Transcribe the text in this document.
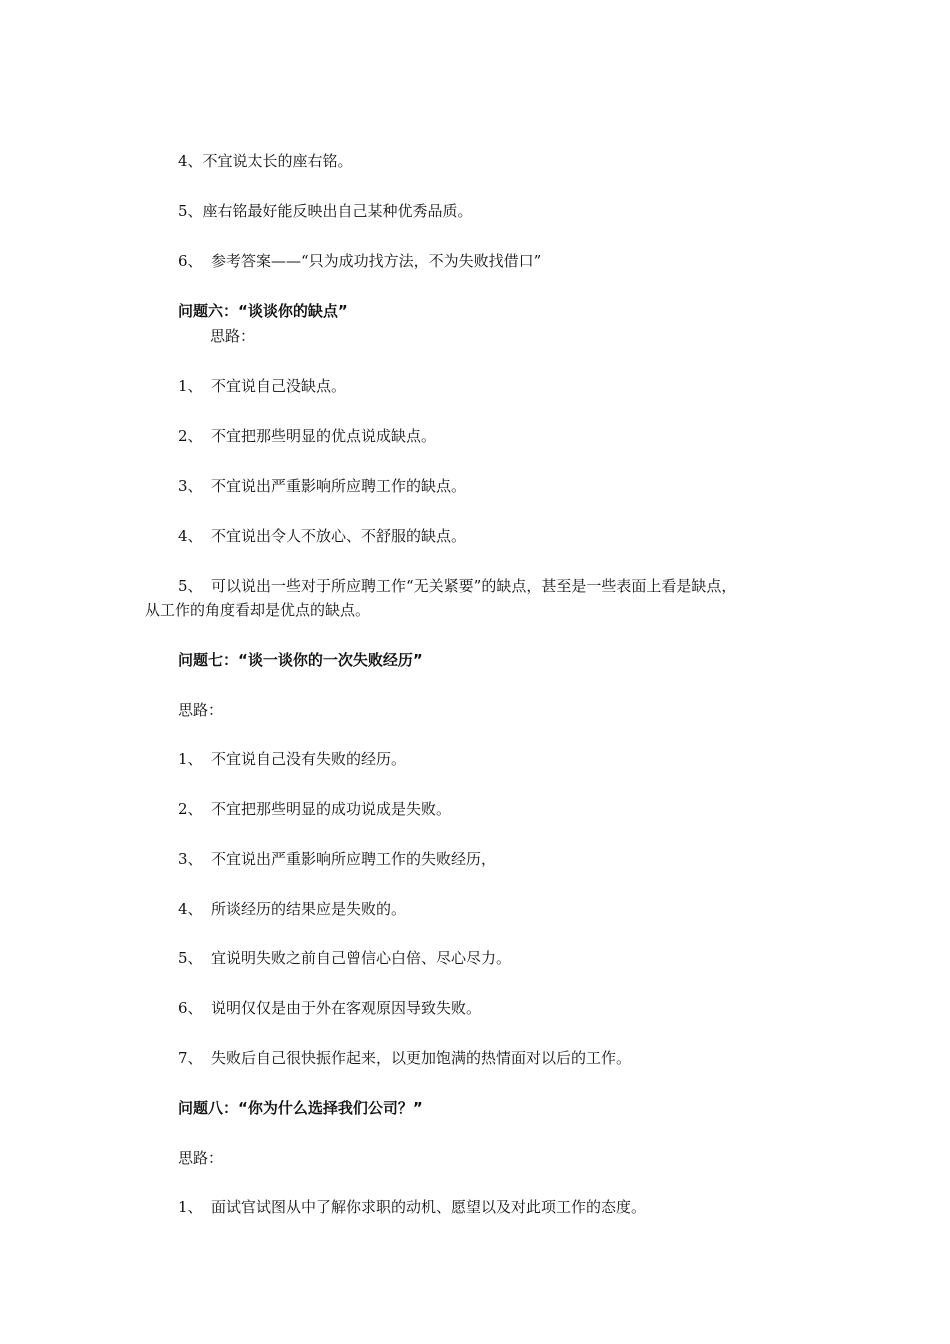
4、不宜说太长的座右铭。
5、座右铭最好能反映出自己某种优秀品质。
6、 参考答案——“只为成功找方法，不为失败找借口”
问题六：“谈谈你的缺点”
思路：
1、 不宜说自己没缺点。
2、 不宜把那些明显的优点说成缺点。
3、 不宜说出严重影响所应聘工作的缺点。
4、 不宜说出令人不放心、不舒服的缺点。
5、 可以说出一些对于所应聘工作“无关紧要”的缺点，甚至是一些表面上看是缺点，
从工作的角度看却是优点的缺点。
问题七：“谈一谈你的一次失败经历”
思路：
1、 不宜说自己没有失败的经历。
2、 不宜把那些明显的成功说成是失败。
3、 不宜说出严重影响所应聘工作的失败经历，
4、 所谈经历的结果应是失败的。
5、 宜说明失败之前自己曾信心白倍、尽心尽力。
6、 说明仅仅是由于外在客观原因导致失败。
7、 失败后自己很快振作起来，以更加饱满的热情面对以后的工作。
问题八：“你为什么选择我们公司？”
思路：
1、 面试官试图从中了解你求职的动机、愿望以及对此项工作的态度。
